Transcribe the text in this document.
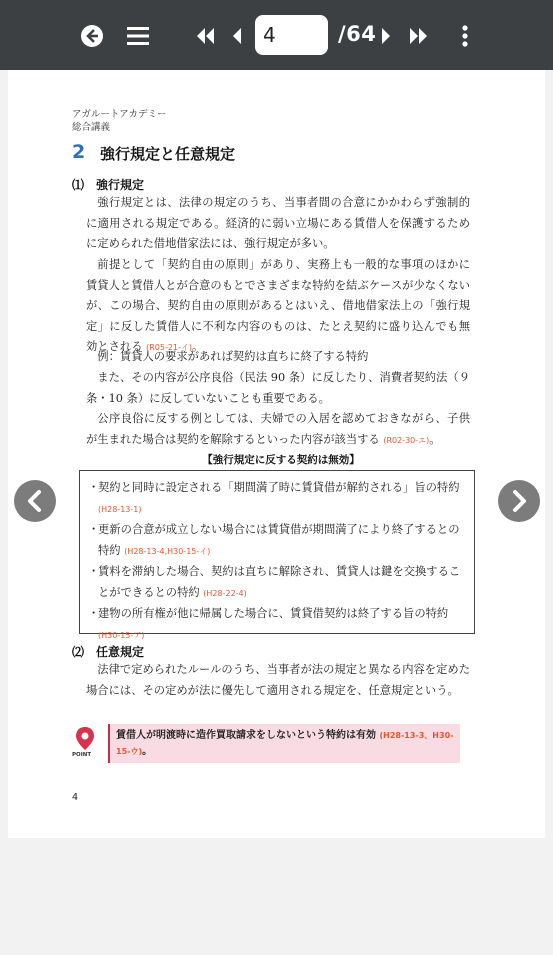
4
/64
アガルートアカデミー
総合講義
2 強行規定と任意規定
⑴　強行規定
強行規定とは、法律の規定のうち、当事者間の合意にかかわらず強制的に適用される規定である。経済的に弱い立場にある賃借人を保護するために定められた借地借家法には、強行規定が多い。
前提として「契約自由の原則」があり、実務上も一般的な事項のほかに賃貸人と賃借人とが合意のもとでさまざまな特約を結ぶケースが少なくないが、この場合、契約自由の原則があるとはいえ、借地借家法上の「強行規定」に反した賃借人に不利な内容のものは、たとえ契約に盛り込んでも無効とされる (R05-21-イ)。
例：賃貸人の要求があれば契約は直ちに終了する特約
また、その内容が公序良俗（民法 90 条）に反したり、消費者契約法（９条・10 条）に反していないことも重要である。
公序良俗に反する例としては、夫婦での入居を認めておきながら、子供が生まれた場合は契約を解除するといった内容が該当する (R02-30-エ)。
【強行規定に反する契約は無効】
・
契約と同時に設定される「期間満了時に賃貸借が解約される」旨の特約 (H28-13-1)
・
更新の合意が成立しない場合には賃貸借が期間満了により終了するとの特約 (H28-13-4,H30-15-イ)
・
賃料を滞納した場合、契約は直ちに解除され、賃貸人は鍵を交換することができるとの特約 (H28-22-4)
・
建物の所有権が他に帰属した場合に、賃貸借契約は終了する旨の特約 (H30-15-ア)
⑵　任意規定
法律で定められたルールのうち、当事者が法の規定と異なる内容を定めた場合には、その定めが法に優先して適用される規定を、任意規定という。
POINT
賃借人が明渡時に造作買取請求をしないという特約は有効 (H28-13-3、H30-15-ウ)。
4
